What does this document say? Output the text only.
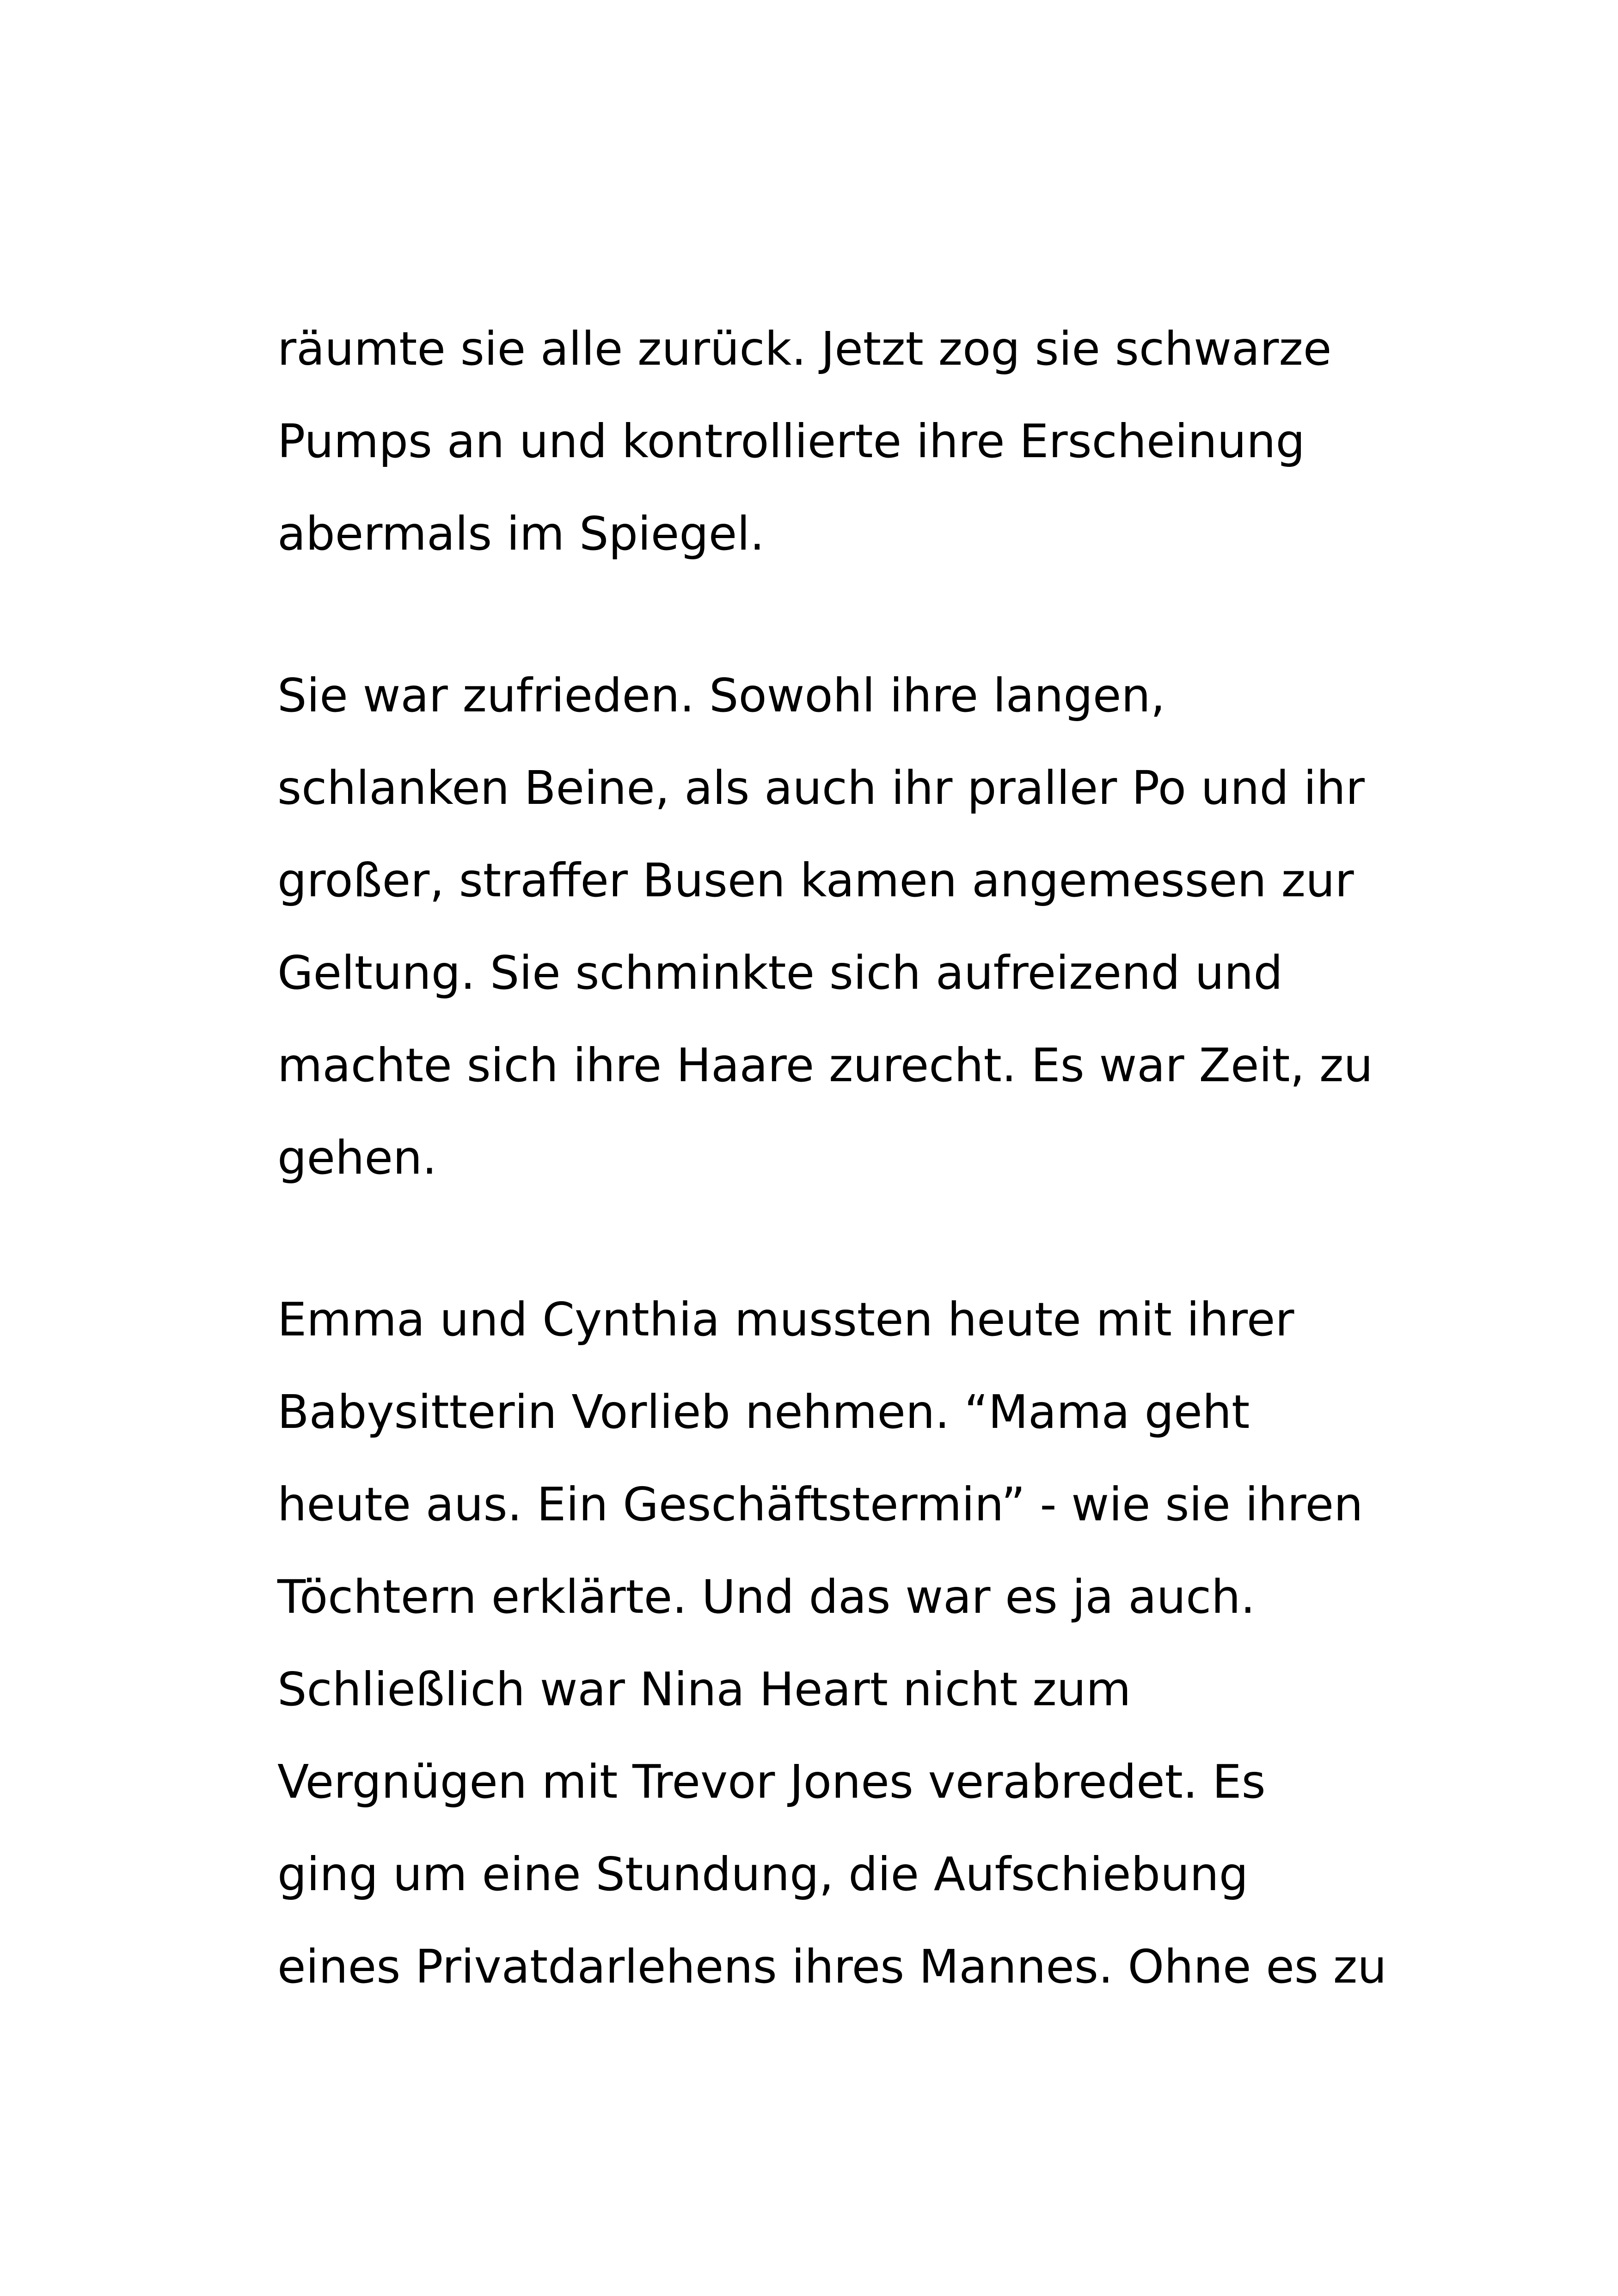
räumte sie alle zurück. Jetzt zog sie schwarze
Pumps an und kontrollierte ihre Erscheinung
abermals im Spiegel.

Sie war zufrieden. Sowohl ihre langen,
schlanken Beine, als auch ihr praller Po und ihr
großer, straffer Busen kamen angemessen zur
Geltung. Sie schminkte sich aufreizend und
machte sich ihre Haare zurecht. Es war Zeit, zu
gehen.

Emma und Cynthia mussten heute mit ihrer
Babysitterin Vorlieb nehmen. “Mama geht
heute aus. Ein Geschäftstermin” - wie sie ihren
Töchtern erklärte. Und das war es ja auch.
Schließlich war Nina Heart nicht zum
Vergnügen mit Trevor Jones verabredet. Es
ging um eine Stundung, die Aufschiebung
eines Privatdarlehens ihres Mannes. Ohne es zu
